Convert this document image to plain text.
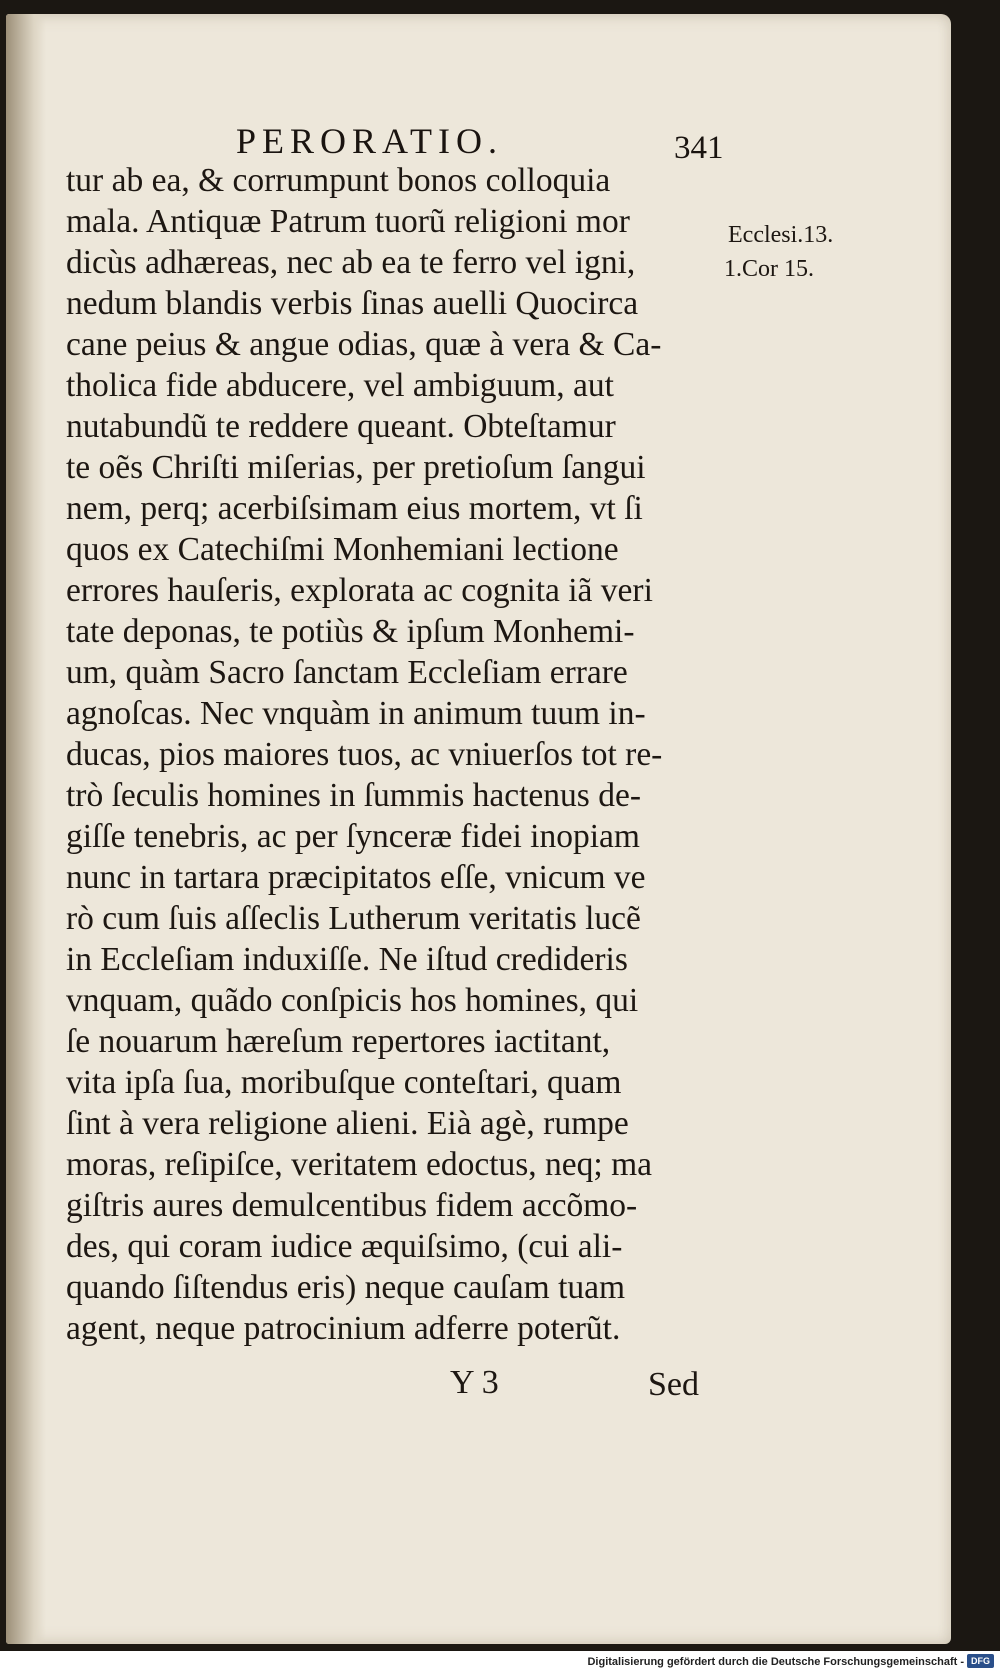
PERORATIO.	341
tur ab ea, & corrumpunt bonos colloquia
mala. Antiquæ Patrum tuorũ religioni mor
dicùs adhæreas, nec ab ea te ferro vel igni,
nedum blandis verbis ſinas auelli Quocirca
cane peius & angue odias, quæ à vera & Ca-
tholica fide abducere, vel ambiguum, aut
nutabundũ te reddere queant. Obteſtamur
te oẽs Chriſti miſerias, per pretioſum ſangui
nem, perq; acerbiſsimam eius mortem, vt ſi
quos ex Catechiſmi Monhemiani lectione
errores hauſeris, explorata ac cognita iã veri
tate deponas, te potiùs & ipſum Monhemi-
um, quàm Sacro ſanctam Eccleſiam errare
agnoſcas. Nec vnquàm in animum tuum in-
ducas, pios maiores tuos, ac vniuerſos tot re-
trò ſeculis homines in ſummis hactenus de-
giſſe tenebris, ac per ſynceræ fidei inopiam
nunc in tartara præcipitatos eſſe, vnicum ve
rò cum ſuis aſſeclis Lutherum veritatis lucẽ
in Eccleſiam induxiſſe. Ne iſtud credideris
vnquam, quãdo conſpicis hos homines, qui
ſe nouarum hæreſum repertores iactitant,
vita ipſa ſua, moribuſque conteſtari, quam
ſint à vera religione alieni. Eià agè, rumpe
moras, reſipiſce, veritatem edoctus, neq; ma
giſtris aures demulcentibus fidem accõmo-
des, qui coram iudice æquiſsimo, (cui ali-
quando ſiſtendus eris) neque cauſam tuam
agent, neque patrocinium adferre poterũt.
Ecclesi.13.
1.Cor 15.
Y 3	Sed
Digitalisierung gefördert durch die Deutsche Forschungsgemeinschaft - DFG
